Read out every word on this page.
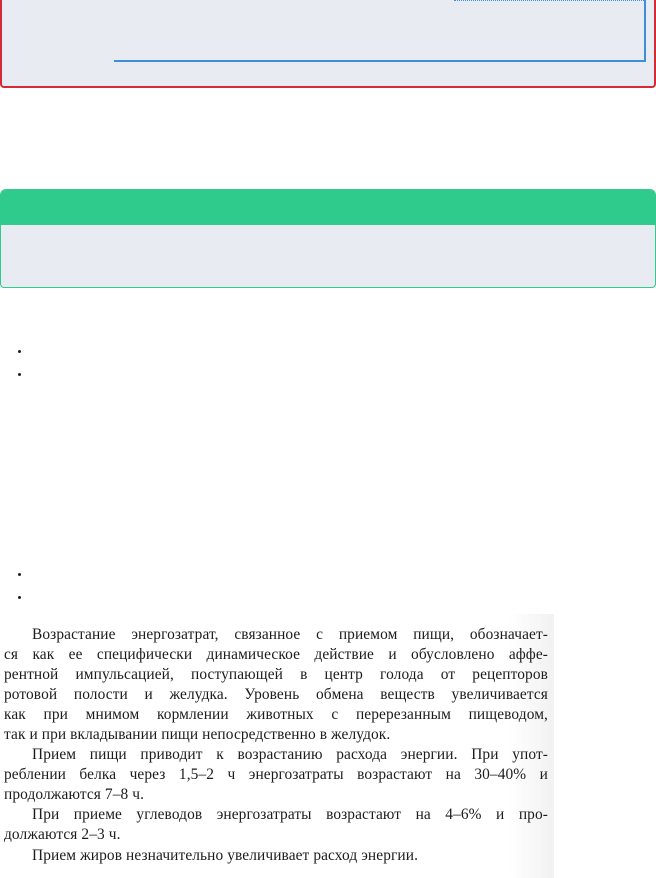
Возрастание энергозатрат, связанное с приемом пищи, обозначает-
ся как ее специфически динамическое действие и обусловлено аффе-
рентной импульсацией, поступающей в центр голода от рецепторов
ротовой полости и желудка. Уровень обмена веществ увеличивается
как при мнимом кормлении животных с перерезанным пищеводом,
так и при вкладывании пищи непосредственно в желудок.

Прием пищи приводит к возрастанию расхода энергии. При упот-
реблении белка через 1,5–2 ч энергозатраты возрастают на 30–40% и
продолжаются 7–8 ч.

При приеме углеводов энергозатраты возрастают на 4–6% и про-
должаются 2–3 ч.

Прием жиров незначительно увеличивает расход энергии.
